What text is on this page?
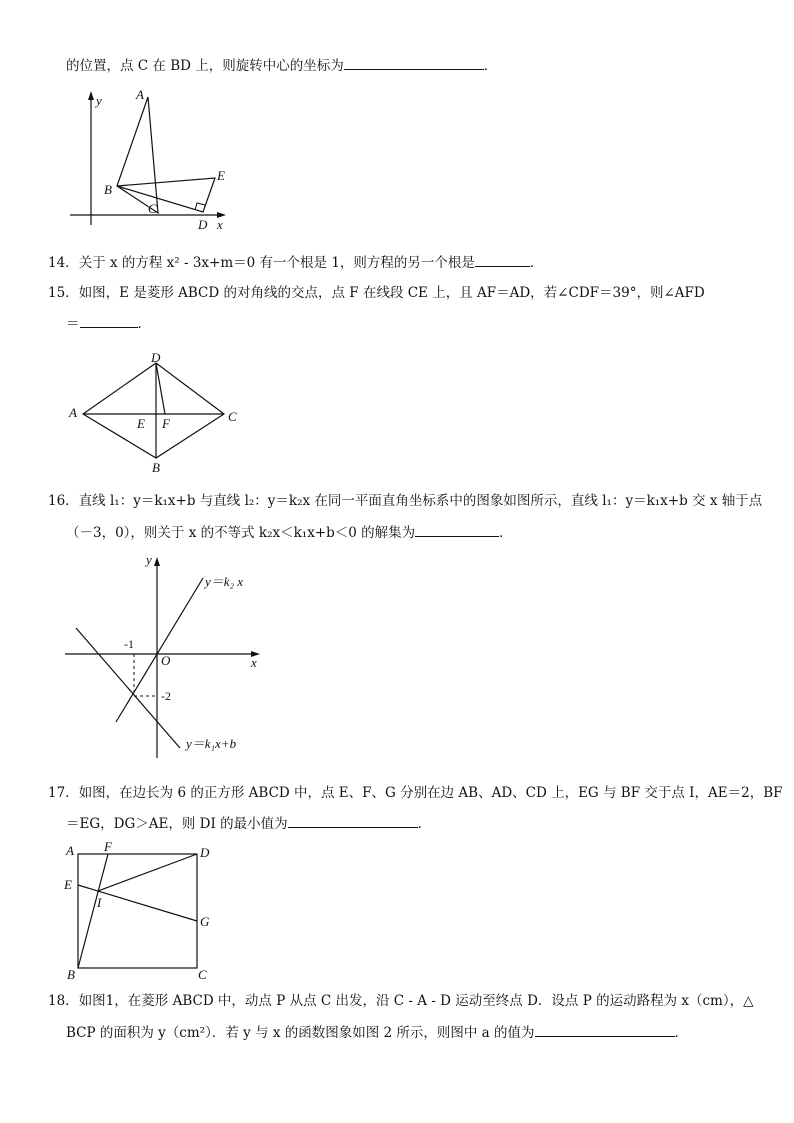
的位置，点 C 在 BD 上，则旋转中心的坐标为	．
y	A
B
C
D
E
x
14．关于 x 的方程 x² - 3x+m＝0 有一个根是 1，则方程的另一个根是	．
15．如图，E 是菱形 ABCD 的对角线的交点，点 F 在线段 CE 上，且 AF＝AD，若∠CDF＝39°，则∠AFD
＝	．
D
A	C
E F
B
16．直线 l₁：y＝k₁x+b 与直线 l₂：y＝k₂x 在同一平面直角坐标系中的图象如图所示，直线 l₁：y＝k₁x+b 交 x 轴于点
（－3，0），则关于 x 的不等式 k₂x＜k₁x+b＜0 的解集为	．
y
x
O
-1
-2
y＝k₂ x
y＝k₁x+b
17．如图，在边长为 6 的正方形 ABCD 中，点 E、F、G 分别在边 AB、AD、CD 上，EG 与 BF 交于点 I，AE＝2，BF
＝EG，DG＞AE，则 DI 的最小值为	．
A F	D
E
I
G
B	C
18．如图1，在菱形 ABCD 中，动点 P 从点 C 出发，沿 C - A - D 运动至终点 D．设点 P 的运动路程为 x（cm），△
BCP 的面积为 y（cm²）．若 y 与 x 的函数图象如图 2 所示，则图中 a 的值为	．
